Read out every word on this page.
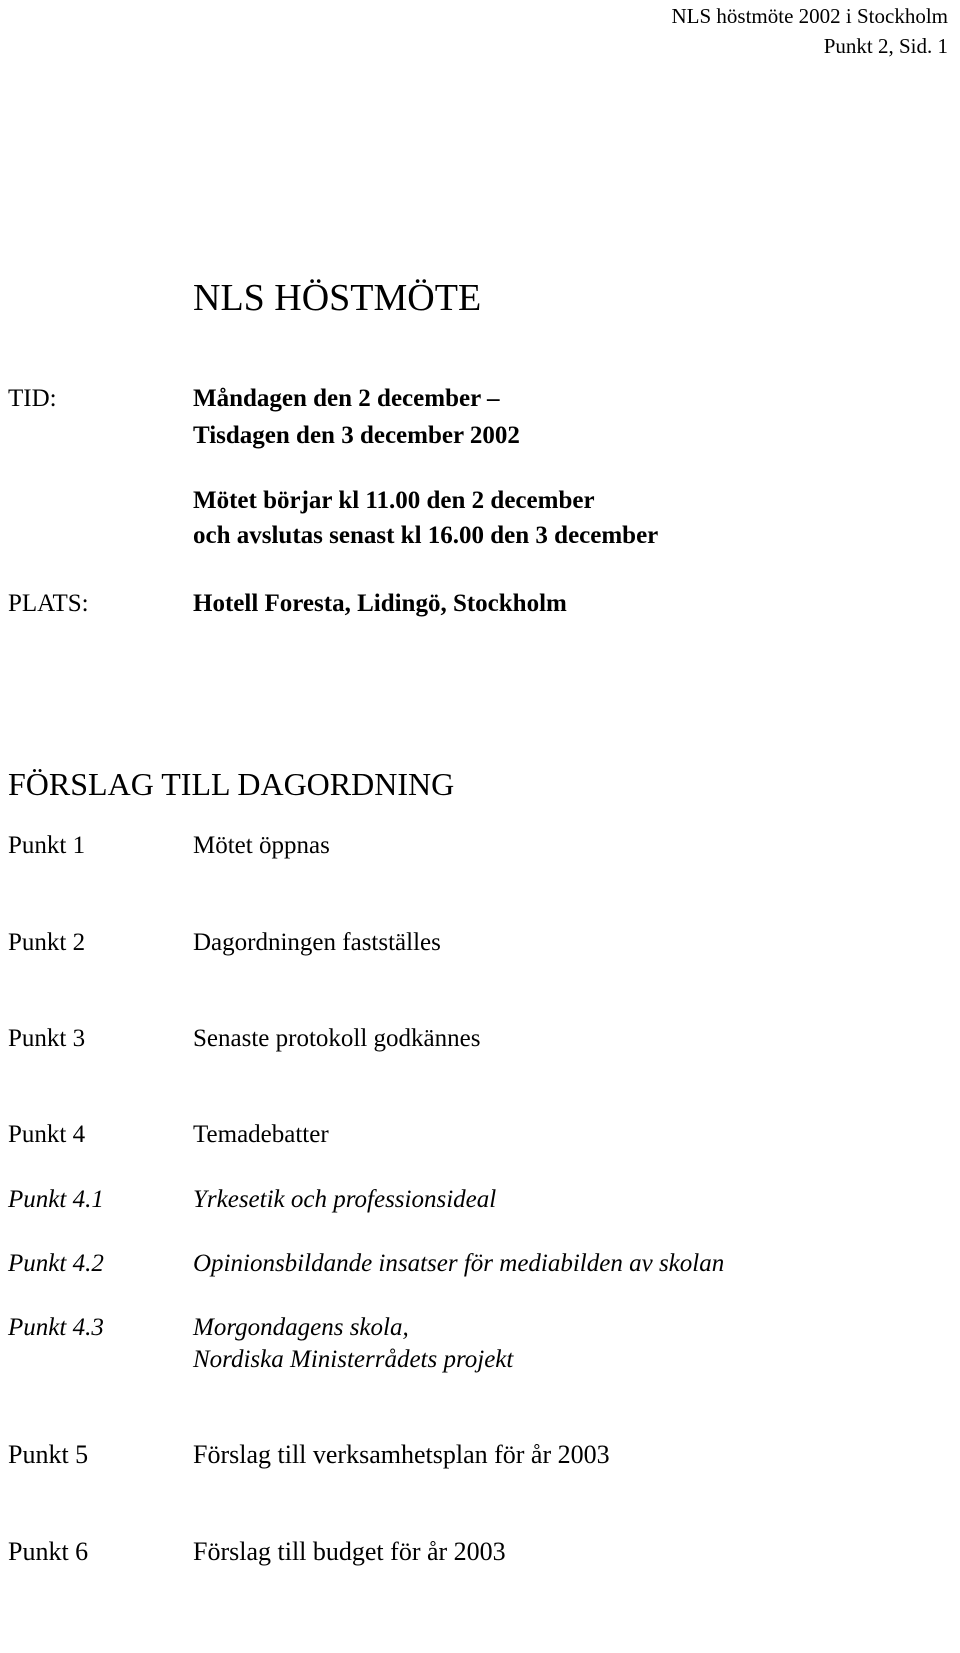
NLS höstmöte 2002 i Stockholm
Punkt 2, Sid. 1
NLS HÖSTMÖTE
TID:	Måndagen den 2 december –
Tisdagen den 3 december 2002
Mötet börjar kl 11.00 den 2 december
och avslutas senast kl 16.00 den 3 december
PLATS:	Hotell Foresta, Lidingö, Stockholm
FÖRSLAG TILL DAGORDNING
Punkt 1	Mötet öppnas
Punkt 2	Dagordningen fastställes
Punkt 3	Senaste protokoll godkännes
Punkt 4	Temadebatter
Punkt 4.1	Yrkesetik och professionsideal
Punkt 4.2	Opinionsbildande insatser för mediabilden av skolan
Punkt 4.3	Morgondagens skola,
Nordiska Ministerrådets projekt
Punkt 5	Förslag till verksamhetsplan för år 2003
Punkt 6	Förslag till budget för år 2003
